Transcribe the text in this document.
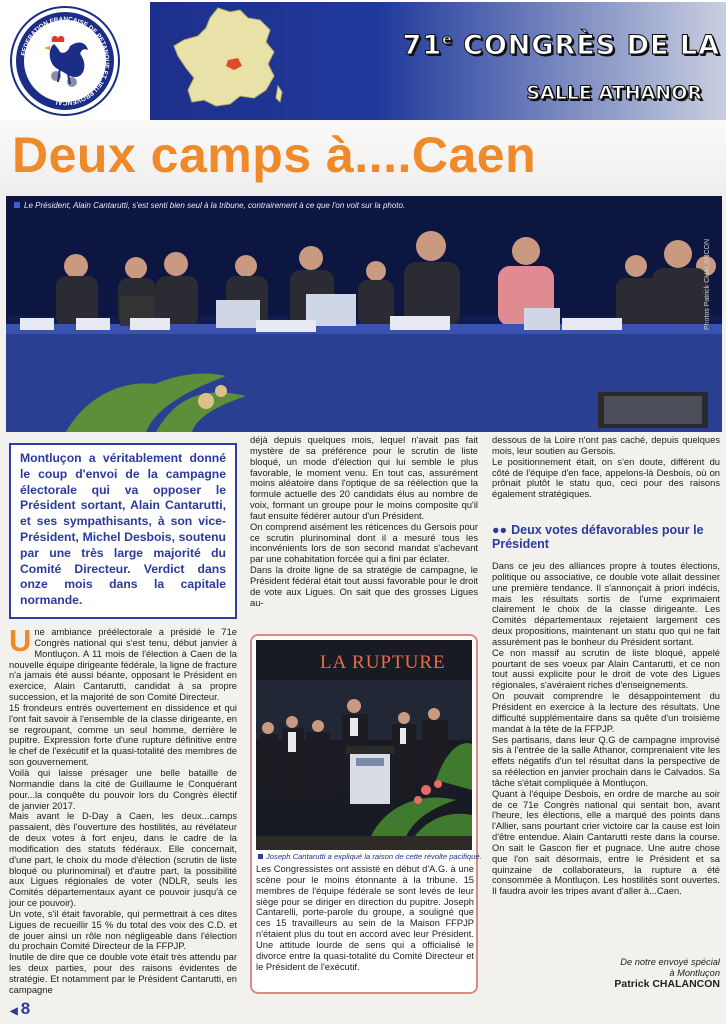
FEDERATION FRANCAISE DE PETANQUE ET JEU PROVENCAL
71e CONGRÈS DE LA
SALLE ATHANOR
Deux camps à....Caen
Le Président, Alain Cantarutti, s'est senti bien seul à la tribune, contrairement à ce que l'on voit sur la photo.
Photos Patrick CHALANCON

Montluçon a véritablement donné le coup d'envoi de la campagne électorale qui va opposer le Président sortant, Alain Cantarutti, et ses sympathisants, à son vice-Président, Michel Desbois, soutenu par une très large majorité du Comité Directeur. Verdict dans onze mois dans la capitale normande.

Une ambiance préélectorale a présidé le 71e Congrès national qui s'est tenu, début janvier à Montluçon. A 11 mois de l'élection à Caen de la nouvelle équipe dirigeante fédérale, la ligne de fracture n'a jamais été aussi béante, opposant le Président en exercice, Alain Cantarutti, candidat à sa propre succession, et la majorité de son Comité Directeur.

15 frondeurs entrés ouvertement en dissidence et qui l'ont fait savoir à l'ensemble de la classe dirigeante, en se regroupant, comme un seul homme, derrière le pupitre. Expression forte d'une rupture définitive entre le chef de l'exécutif et la quasi-totalité des membres de son gouvernement.

Voilà qui laisse présager une belle bataille de Normandie dans la cité de Guillaume le Conquérant pour...la conquête du pouvoir lors du Congrès électif de janvier 2017.

Mais avant le D-Day à Caen, les deux...camps passaient, dès l'ouverture des hostilités, au révélateur de deux votes à fort enjeu, dans le cadre de la modification des statuts fédéraux. Elle concernait, d'une part, le choix du mode d'élection (scrutin de liste bloqué ou plurinominal) et d'autre part, la possibilité aux Ligues régionales de voter (NDLR, seuls les Comités départementaux ayant ce pouvoir jusqu'à ce jour ce pouvoir).

Un vote, s'il était favorable, qui permettrait à ces dites Ligues de recueillir 15 % du total des voix des C.D. et de jouer ainsi un rôle non négligeable dans l'élection du prochain Comité Directeur de la FFPJP.

Inutile de dire que ce double vote était très attendu par les deux parties, pour des raisons évidentes de stratégie. Et notamment par le Président Cantarutti, en campagne

déjà depuis quelques mois, lequel n'avait pas fait mystère de sa préférence pour le scrutin de liste bloqué, un mode d'élection qui lui semble le plus favorable, le moment venu. En tout cas, assurément moins aléatoire dans l'optique de sa réélection que la formule actuelle des 20 candidats élus au nombre de voix, formant un groupe pour le moins composite qu'il faut ensuite fédérer autour d'un Président.

On comprend aisément les réticences du Gersois pour ce scrutin plurinominal dont il a mesuré tous les inconvénients lors de son second mandat s'achevant par une cohabitation forcée qui a fini par éclater.

Dans la droite ligne de sa stratégie de campagne, le Président fédéral était tout aussi favorable pour le droit de vote aux Ligues. On sait que des grosses Ligues au-

LA RUPTURE
Joseph Cantarutti a expliqué la raison de cette révolte pacifique.
Les Congressistes ont assisté en début d'A.G. à une scène pour le moins étonnante à la tribune. 15 membres de l'équipe fédérale se sont levés de leur siège pour se diriger en direction du pupitre. Joseph Cantarelli, porte-parole du groupe, a souligné que ces 15 travailleurs au sein de la Maison FFPJP n'étaient plus du tout en accord avec leur Président. Une attitude lourde de sens qui a officialisé le divorce entre la quasi-totalité du Comité Directeur et le Président de l'exécutif.

dessous de la Loire n'ont pas caché, depuis quelques mois, leur soutien au Gersois.

Le positionnement était, on s'en doute, différent du côté de l'équipe d'en face, appelons-là Desbois, où on prônait plutôt le statu quo, ceci pour des raisons également stratégiques.

●● Deux votes défavorables pour le Président

Dans ce jeu des alliances propre à toutes élections, politique ou associative, ce double vote allait dessiner une première tendance. Il s'annonçait à priori indécis, mais les résultats sortis de l'urne exprimaient clairement le choix de la classe dirigeante. Les Comités départementaux rejetaient largement ces deux propositions, maintenant un statu quo qui ne fait assurément pas le bonheur du Président sortant.

Ce non massif au scrutin de liste bloqué, appelé pourtant de ses voeux par Alain Cantarutti, et ce non tout aussi explicite pour le droit de vote des Ligues régionales, s'avéraient riches d'enseignements.

On pouvait comprendre le désappointement du Président en exercice à la lecture des résultats. Une difficulté supplémentaire dans sa quête d'un troisième mandat à la tête de la FFPJP.

Ses partisans, dans leur Q.G de campagne improvisé sis à l'entrée de la salle Athanor, comprenaient vite les effets négatifs d'un tel résultat dans la perspective de sa réélection en janvier prochain dans le Calvados. Sa tâche s'était compliquée à Montluçon.

Quant à l'équipe Desbois, en ordre de marche au soir de ce 71e Congrès national qui sentait bon, avant l'heure, les élections, elle a marqué des points dans l'Allier, sans pourtant crier victoire car la cause est loin d'être entendue. Alain Cantarutti reste dans la course. On sait le Gascon fier et pugnace. Une autre chose que l'on sait désormais, entre le Président et sa quinzaine de collaborateurs, la rupture a été consommée à Montluçon. Les hostilités sont ouvertes. Il faudra avoir les tripes avant d'aller à...Caen.

De notre envoyé spécial
à Montluçon
Patrick CHALANCON
◀ 8
